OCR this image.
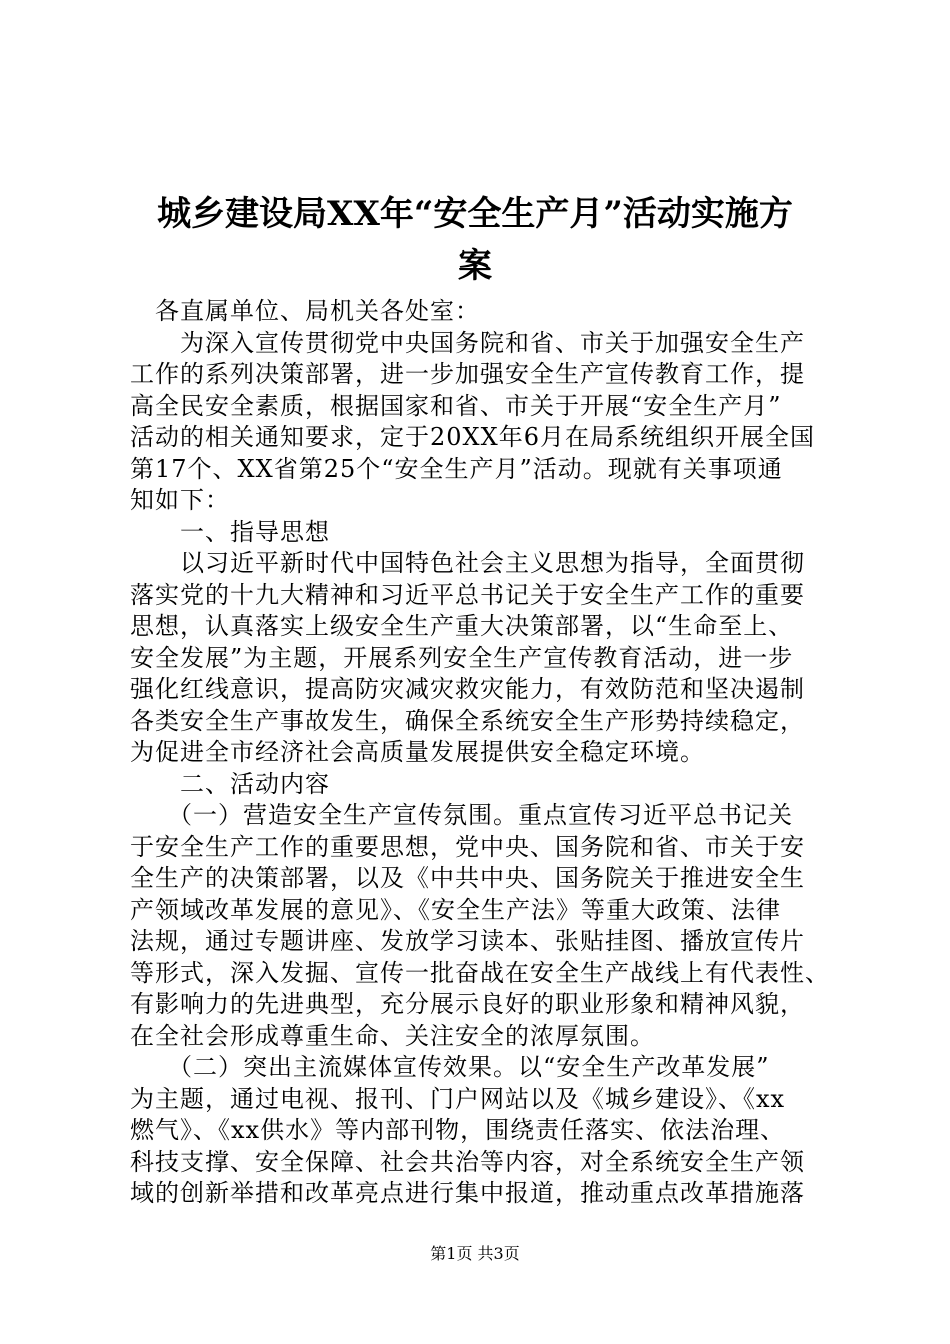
城乡建设局XX年“安全生产月”活动实施方
案
　各直属单位、局机关各处室：
　　为深入宣传贯彻党中央国务院和省、市关于加强安全生产
工作的系列决策部署，进一步加强安全生产宣传教育工作，提
高全民安全素质，根据国家和省、市关于开展“安全生产月”
活动的相关通知要求，定于20XX年6月在局系统组织开展全国
第17个、XX省第25个“安全生产月”活动。现就有关事项通
知如下：
　　一、指导思想
　　以习近平新时代中国特色社会主义思想为指导，全面贯彻
落实党的十九大精神和习近平总书记关于安全生产工作的重要
思想，认真落实上级安全生产重大决策部署，以“生命至上、
安全发展”为主题，开展系列安全生产宣传教育活动，进一步
强化红线意识，提高防灾减灾救灾能力，有效防范和坚决遏制
各类安全生产事故发生，确保全系统安全生产形势持续稳定，
为促进全市经济社会高质量发展提供安全稳定环境。
　　二、活动内容
　　（一）营造安全生产宣传氛围。重点宣传习近平总书记关
于安全生产工作的重要思想，党中央、国务院和省、市关于安
全生产的决策部署，以及《中共中央、国务院关于推进安全生
产领域改革发展的意见》、《安全生产法》等重大政策、法律
法规，通过专题讲座、发放学习读本、张贴挂图、播放宣传片
等形式，深入发掘、宣传一批奋战在安全生产战线上有代表性、
有影响力的先进典型，充分展示良好的职业形象和精神风貌，
在全社会形成尊重生命、关注安全的浓厚氛围。
　　（二）突出主流媒体宣传效果。以“安全生产改革发展”
为主题，通过电视、报刊、门户网站以及《城乡建设》、《xx
燃气》、《xx供水》等内部刊物，围绕责任落实、依法治理、
科技支撑、安全保障、社会共治等内容，对全系统安全生产领
域的创新举措和改革亮点进行集中报道，推动重点改革措施落
第1页 共3页
